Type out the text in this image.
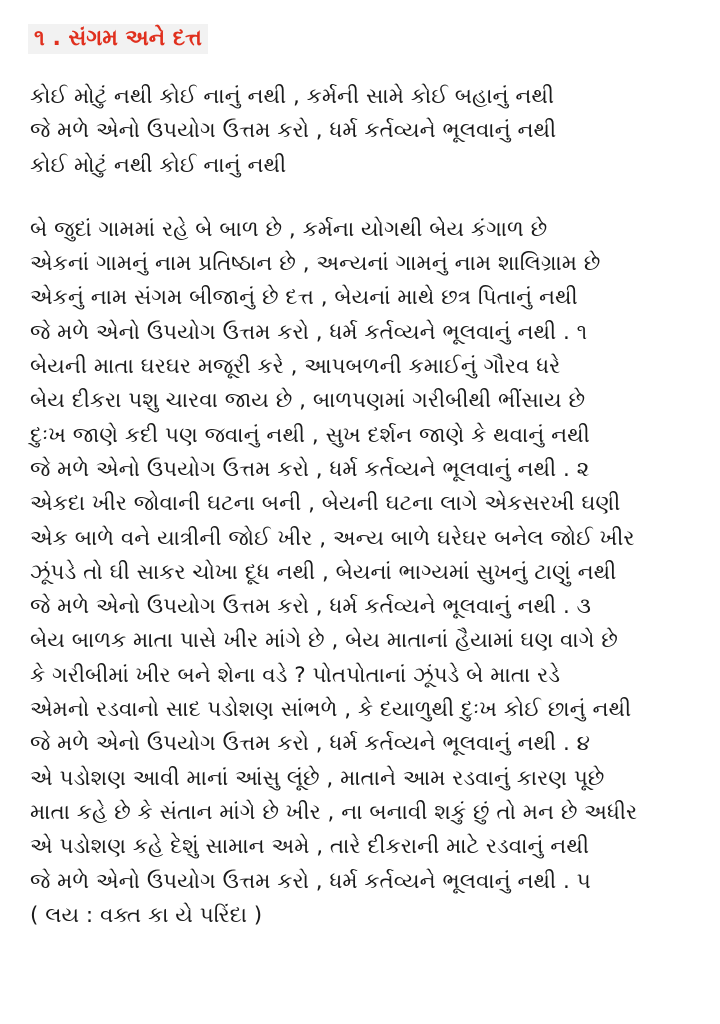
૧ . સંગમ અને દત્ત
કોઈ મોટું નથી કોઈ નાનું નથી , કર્મની સામે કોઈ બહાનું નથી
જે મળે એનો ઉપયોગ ઉત્તમ કરો , ધર્મ કર્તવ્યને ભૂલવાનું નથી
કોઈ મોટું નથી કોઈ નાનું નથી
બે જુદાં ગામમાં રહે બે બાળ છે , કર્મના યોગથી બેય કંગાળ છે
એકનાં ગામનું નામ પ્રતિષ્ઠાન છે , અન્યનાં ગામનું નામ શાલિગ્રામ છે
એકનું નામ સંગમ બીજાનું છે દત્ત , બેયનાં માથે છત્ર પિતાનું નથી
જે મળે એનો ઉપયોગ ઉત્તમ કરો , ધર્મ કર્તવ્યને ભૂલવાનું નથી . ૧
બેયની માતા ઘરઘર મજૂરી કરે , આપબળની કમાઈનું ગૌરવ ધરે
બેય દીકરા પશુ ચારવા જાય છે , બાળપણમાં ગરીબીથી ભીંસાય છે
દુઃખ જાણે કદી પણ જવાનું નથી , સુખ દર્શન જાણે કે થવાનું નથી
જે મળે એનો ઉપયોગ ઉત્તમ કરો , ધર્મ કર્તવ્યને ભૂલવાનું નથી . ૨
એકદા ખીર જોવાની ઘટના બની , બેયની ઘટના લાગે એકસરખી ઘણી
એક બાળે વને યાત્રીની જોઈ ખીર , અન્ય બાળે ઘરેઘર બનેલ જોઈ ખીર
ઝૂંપડે તો ઘી સાકર ચોખા દૂધ નથી , બેયનાં ભાગ્યમાં સુખનું ટાણું નથી
જે મળે એનો ઉપયોગ ઉત્તમ કરો , ધર્મ કર્તવ્યને ભૂલવાનું નથી . ૩
બેય બાળક માતા પાસે ખીર માંગે છે , બેય માતાનાં હૈયામાં ઘણ વાગે છે
કે ગરીબીમાં ખીર બને શેના વડે ? પોતપોતાનાં ઝૂંપડે બે માતા રડે
એમનો રડવાનો સાદ પડોશણ સાંભળે , કે દયાળુથી દુઃખ કોઈ છાનું નથી
જે મળે એનો ઉપયોગ ઉત્તમ કરો , ધર્મ કર્તવ્યને ભૂલવાનું નથી . ૪
એ પડોશણ આવી માનાં આંસુ લૂંછે , માતાને આમ રડવાનું કારણ પૂછે
માતા કહે છે કે સંતાન માંગે છે ખીર , ના બનાવી શકું છું તો મન છે અધીર
એ પડોશણ કહે દેશું સામાન અમે , તારે દીકરાની માટે રડવાનું નથી
જે મળે એનો ઉપયોગ ઉત્તમ કરો , ધર્મ કર્તવ્યને ભૂલવાનું નથી . ૫
( લય : વક્ત કા યે પરિંદા )
